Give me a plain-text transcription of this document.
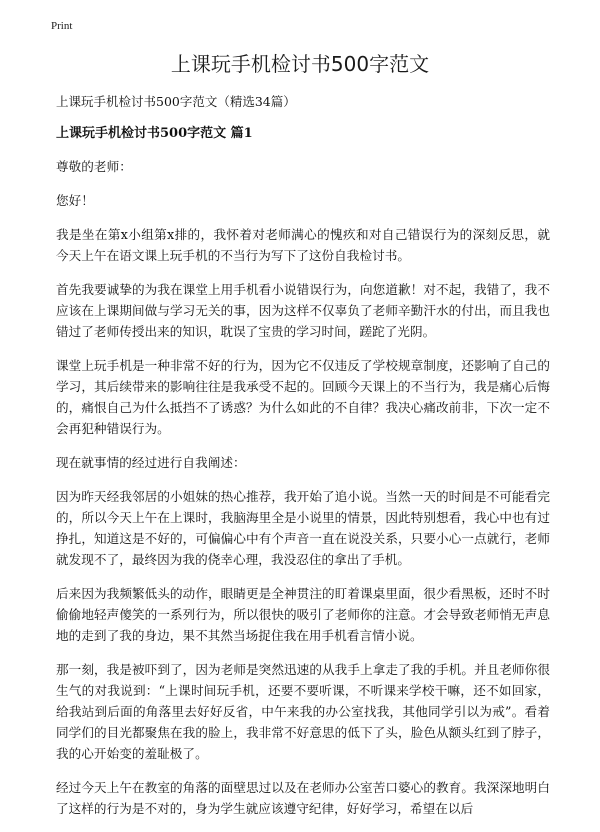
Print
上课玩手机检讨书500字范文

上课玩手机检讨书500字范文（精选34篇）

上课玩手机检讨书500字范文 篇1

尊敬的老师：

您好！

我是坐在第x小组第x排的，我怀着对老师满心的愧疚和对自己错误行为的深刻反思，就今天上午在语文课上玩手机的不当行为写下了这份自我检讨书。

首先我要诚挚的为我在课堂上用手机看小说错误行为，向您道歉！对不起，我错了，我不应该在上课期间做与学习无关的事，因为这样不仅辜负了老师辛勤汗水的付出，而且我也错过了老师传授出来的知识，耽误了宝贵的学习时间，蹉跎了光阴。

课堂上玩手机是一种非常不好的行为，因为它不仅违反了学校规章制度，还影响了自己的学习，其后续带来的影响往往是我承受不起的。回顾今天课上的不当行为，我是痛心后悔的，痛恨自己为什么抵挡不了诱惑？为什么如此的不自律？我决心痛改前非，下次一定不会再犯种错误行为。

现在就事情的经过进行自我阐述：

因为昨天经我邻居的小姐妹的热心推荐，我开始了追小说。当然一天的时间是不可能看完的，所以今天上午在上课时，我脑海里全是小说里的情景，因此特别想看，我心中也有过挣扎，知道这是不好的，可偏偏心中有个声音一直在说没关系，只要小心一点就行，老师就发现不了，最终因为我的侥幸心理，我没忍住的拿出了手机。

后来因为我频繁低头的动作，眼睛更是全神贯注的盯着课桌里面，很少看黑板，还时不时偷偷地轻声傻笑的一系列行为，所以很快的吸引了老师你的注意。才会导致老师悄无声息地的走到了我的身边，果不其然当场捉住我在用手机看言情小说。

那一刻，我是被吓到了，因为老师是突然迅速的从我手上拿走了我的手机。并且老师你很生气的对我说到：“上课时间玩手机，还要不要听课，不听课来学校干嘛，还不如回家，给我站到后面的角落里去好好反省，中午来我的办公室找我，其他同学引以为戒”。看着同学们的目光都聚焦在我的脸上，我非常不好意思的低下了头，脸色从额头红到了脖子，我的心开始变的羞耻极了。

经过今天上午在教室的角落的面壁思过以及在老师办公室苦口婆心的教育。我深深地明白了这样的行为是不对的，身为学生就应该遵守纪律，好好学习，希望在以后
